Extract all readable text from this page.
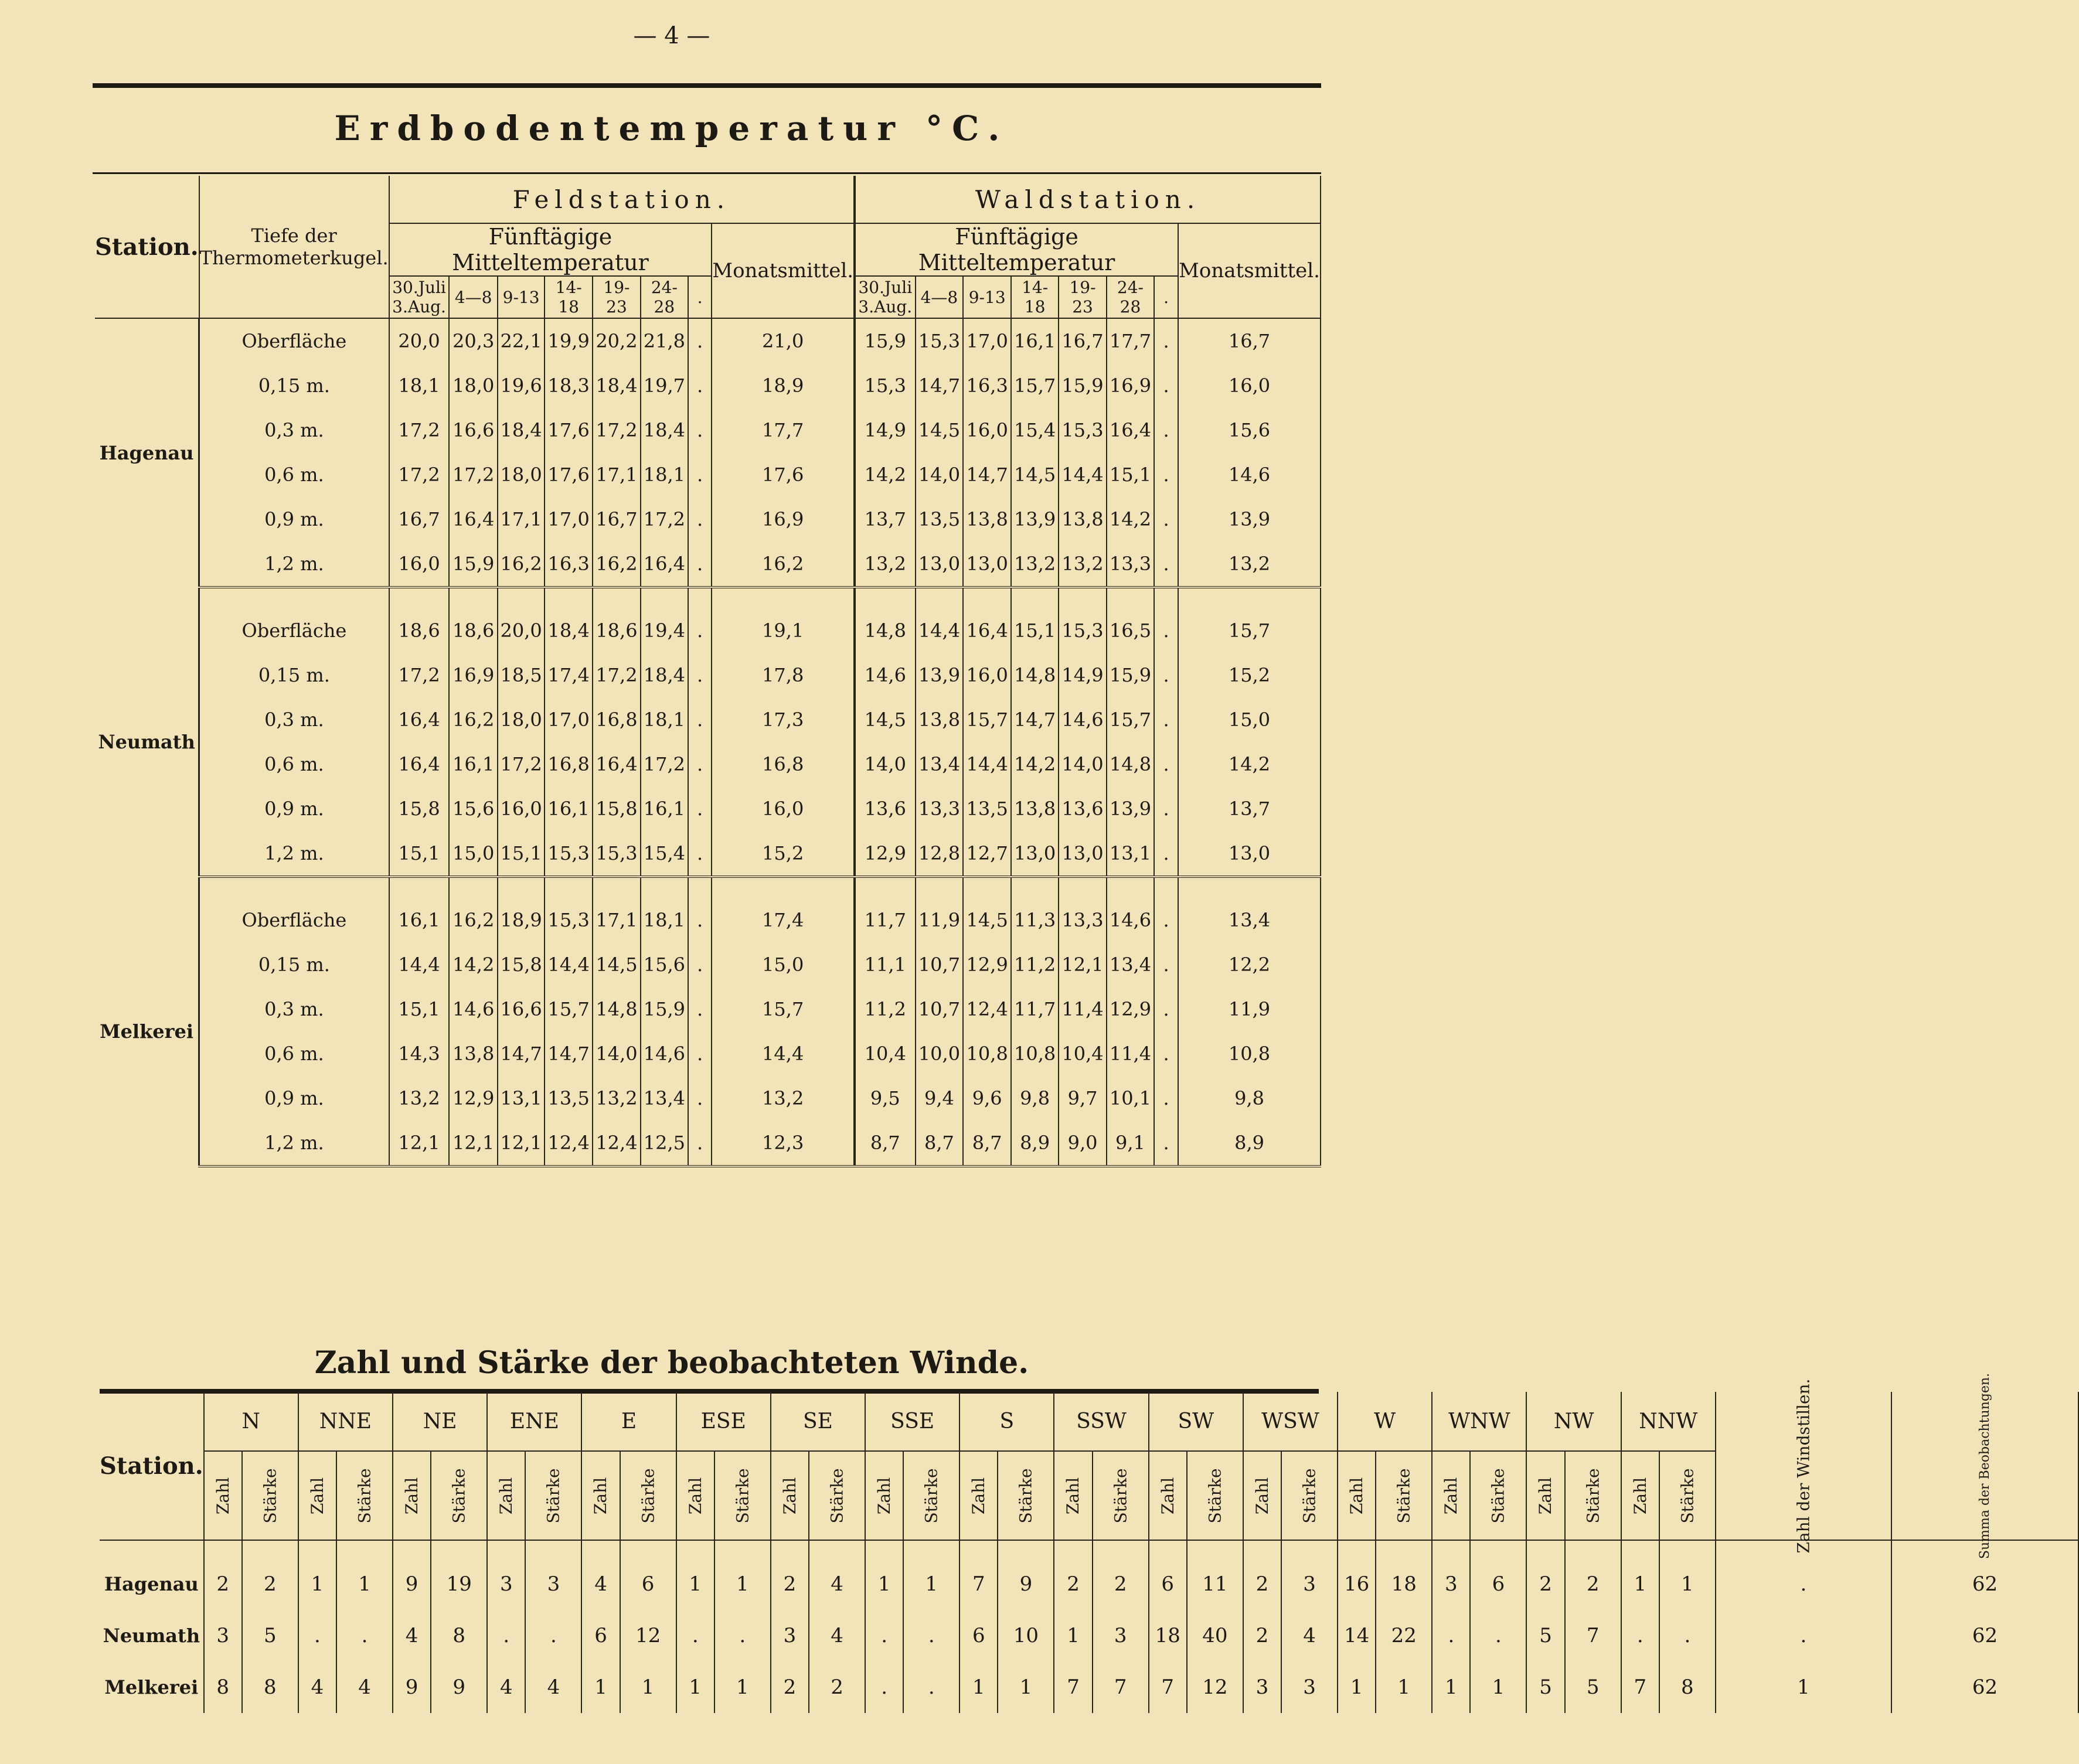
— 4 —
Erdbodentemperatur °C.
Station.	Tiefe der Thermometerkugel.	Feldstation.								Waldstation.							
		Fünftägige Mitteltemperatur							Monatsmittel.	Fünftägige Mitteltemperatur							Monatsmittel.
		30.Juli 3.Aug.	4—8	9-13	14-18	19-23	24-28	.		30.Juli 3.Aug.	4—8	9-13	14-18	19-23	24-28	.	
Hagenau	Oberfläche	20,0	20,3	22,1	19,9	20,2	21,8	.	21,0	15,9	15,3	17,0	16,1	16,7	17,7	.	16,7
	0,15 m.	18,1	18,0	19,6	18,3	18,4	19,7	.	18,9	15,3	14,7	16,3	15,7	15,9	16,9	.	16,0
	0,3 m.	17,2	16,6	18,4	17,6	17,2	18,4	.	17,7	14,9	14,5	16,0	15,4	15,3	16,4	.	15,6
	0,6 m.	17,2	17,2	18,0	17,6	17,1	18,1	.	17,6	14,2	14,0	14,7	14,5	14,4	15,1	.	14,6
	0,9 m.	16,7	16,4	17,1	17,0	16,7	17,2	.	16,9	13,7	13,5	13,8	13,9	13,8	14,2	.	13,9
	1,2 m.	16,0	15,9	16,2	16,3	16,2	16,4	.	16,2	13,2	13,0	13,0	13,2	13,2	13,3	.	13,2
Neumath	Oberfläche	18,6	18,6	20,0	18,4	18,6	19,4	.	19,1	14,8	14,4	16,4	15,1	15,3	16,5	.	15,7
	0,15 m.	17,2	16,9	18,5	17,4	17,2	18,4	.	17,8	14,6	13,9	16,0	14,8	14,9	15,9	.	15,2
	0,3 m.	16,4	16,2	18,0	17,0	16,8	18,1	.	17,3	14,5	13,8	15,7	14,7	14,6	15,7	.	15,0
	0,6 m.	16,4	16,1	17,2	16,8	16,4	17,2	.	16,8	14,0	13,4	14,4	14,2	14,0	14,8	.	14,2
	0,9 m.	15,8	15,6	16,0	16,1	15,8	16,1	.	16,0	13,6	13,3	13,5	13,8	13,6	13,9	.	13,7
	1,2 m.	15,1	15,0	15,1	15,3	15,3	15,4	.	15,2	12,9	12,8	12,7	13,0	13,0	13,1	.	13,0
Melkerei	Oberfläche	16,1	16,2	18,9	15,3	17,1	18,1	.	17,4	11,7	11,9	14,5	11,3	13,3	14,6	.	13,4
	0,15 m.	14,4	14,2	15,8	14,4	14,5	15,6	.	15,0	11,1	10,7	12,9	11,2	12,1	13,4	.	12,2
	0,3 m.	15,1	14,6	16,6	15,7	14,8	15,9	.	15,7	11,2	10,7	12,4	11,7	11,4	12,9	.	11,9
	0,6 m.	14,3	13,8	14,7	14,7	14,0	14,6	.	14,4	10,4	10,0	10,8	10,8	10,4	11,4	.	10,8
	0,9 m.	13,2	12,9	13,1	13,5	13,2	13,4	.	13,2	9,5	9,4	9,6	9,8	9,7	10,1	.	9,8
	1,2 m.	12,1	12,1	12,1	12,4	12,4	12,5	.	12,3	8,7	8,7	8,7	8,9	9,0	9,1	.	8,9
Zahl und Stärke der beobachteten Winde.
Station.	N		NNE		NE		ENE		E		ESE		SE		SSE		S		SSW		SW		WSW		W		WNW		NW		NNW		Zahl der Windstillen.	Summa der Beobachtungen.
	Zahl	Stärke	Zahl	Stärke	Zahl	Stärke	Zahl	Stärke	Zahl	Stärke	Zahl	Stärke	Zahl	Stärke	Zahl	Stärke	Zahl	Stärke	Zahl	Stärke	Zahl	Stärke	Zahl	Stärke	Zahl	Stärke	Zahl	Stärke	Zahl	Stärke	Zahl	Stärke		
Hagenau	2	2	1	1	9	19	3	3	4	6	1	1	2	4	1	1	7	9	2	2	6	11	2	3	16	18	3	6	2	2	1	1	.	62
Neumath	3	5	.	.	4	8	.	.	6	12	.	.	3	4	.	.	6	10	1	3	18	40	2	4	14	22	.	.	5	7	.	.	.	62
Melkerei	8	8	4	4	9	9	4	4	1	1	1	1	2	2	.	.	1	1	7	7	7	12	3	3	1	1	1	1	5	5	7	8	1	62
